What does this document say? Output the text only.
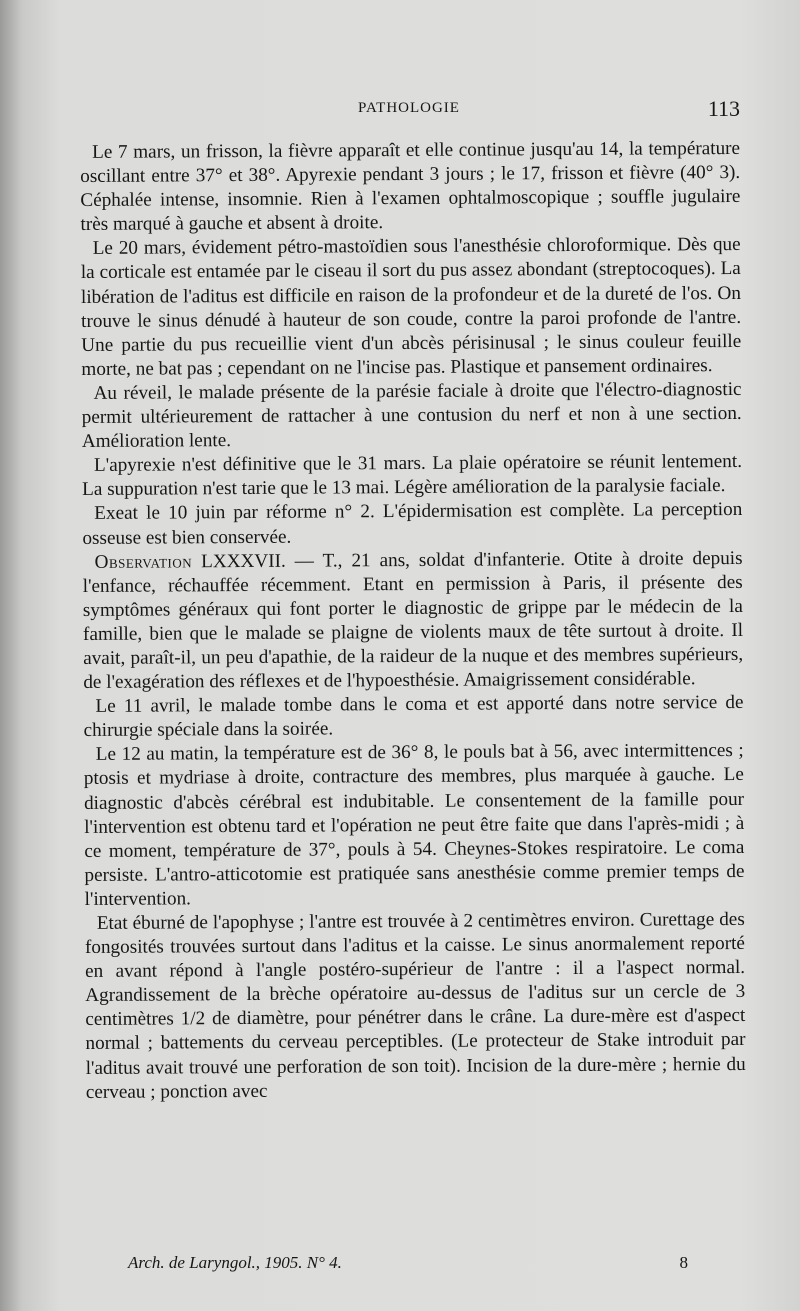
PATHOLOGIE	113

Le 7 mars, un frisson, la fièvre apparaît et elle continue jusqu'au 14, la température oscillant entre 37° et 38°. Apyrexie pendant 3 jours ; le 17, frisson et fièvre (40° 3). Céphalée intense, insomnie. Rien à l'examen ophtalmoscopique ; souffle jugulaire très marqué à gauche et absent à droite.

Le 20 mars, évidement pétro-mastoïdien sous l'anesthésie chloroformique. Dès que la corticale est entamée par le ciseau il sort du pus assez abondant (streptocoques). La libération de l'aditus est difficile en raison de la profondeur et de la dureté de l'os. On trouve le sinus dénudé à hauteur de son coude, contre la paroi profonde de l'antre. Une partie du pus recueillie vient d'un abcès périsinusal ; le sinus couleur feuille morte, ne bat pas ; cependant on ne l'incise pas. Plastique et pansement ordinaires.

Au réveil, le malade présente de la parésie faciale à droite que l'électro-diagnostic permit ultérieurement de rattacher à une contusion du nerf et non à une section. Amélioration lente.

L'apyrexie n'est définitive que le 31 mars. La plaie opératoire se réunit lentement. La suppuration n'est tarie que le 13 mai. Légère amélioration de la paralysie faciale.

Exeat le 10 juin par réforme n° 2. L'épidermisation est complète. La perception osseuse est bien conservée.

Observation LXXXVII. — T., 21 ans, soldat d'infanterie. Otite à droite depuis l'enfance, réchauffée récemment. Etant en permission à Paris, il présente des symptômes généraux qui font porter le diagnostic de grippe par le médecin de la famille, bien que le malade se plaigne de violents maux de tête surtout à droite. Il avait, paraît-il, un peu d'apathie, de la raideur de la nuque et des membres supérieurs, de l'exagération des réflexes et de l'hypoesthésie. Amaigrissement considérable.

Le 11 avril, le malade tombe dans le coma et est apporté dans notre service de chirurgie spéciale dans la soirée.

Le 12 au matin, la température est de 36° 8, le pouls bat à 56, avec intermittences ; ptosis et mydriase à droite, contracture des membres, plus marquée à gauche. Le diagnostic d'abcès cérébral est indubitable. Le consentement de la famille pour l'intervention est obtenu tard et l'opération ne peut être faite que dans l'après-midi ; à ce moment, température de 37°, pouls à 54. Cheynes-Stokes respiratoire. Le coma persiste. L'antro-atticotomie est pratiquée sans anesthésie comme premier temps de l'intervention.

Etat éburné de l'apophyse ; l'antre est trouvée à 2 centimètres environ. Curettage des fongosités trouvées surtout dans l'aditus et la caisse. Le sinus anormalement reporté en avant répond à l'angle postéro-supérieur de l'antre : il a l'aspect normal. Agrandissement de la brèche opératoire au-dessus de l'aditus sur un cercle de 3 centimètres 1/2 de diamètre, pour pénétrer dans le crâne. La dure-mère est d'aspect normal ; battements du cerveau perceptibles. (Le protecteur de Stake introduit par l'aditus avait trouvé une perforation de son toit). Incision de la dure-mère ; hernie du cerveau ; ponction avec

Arch. de Laryngol., 1905. N° 4.	8
